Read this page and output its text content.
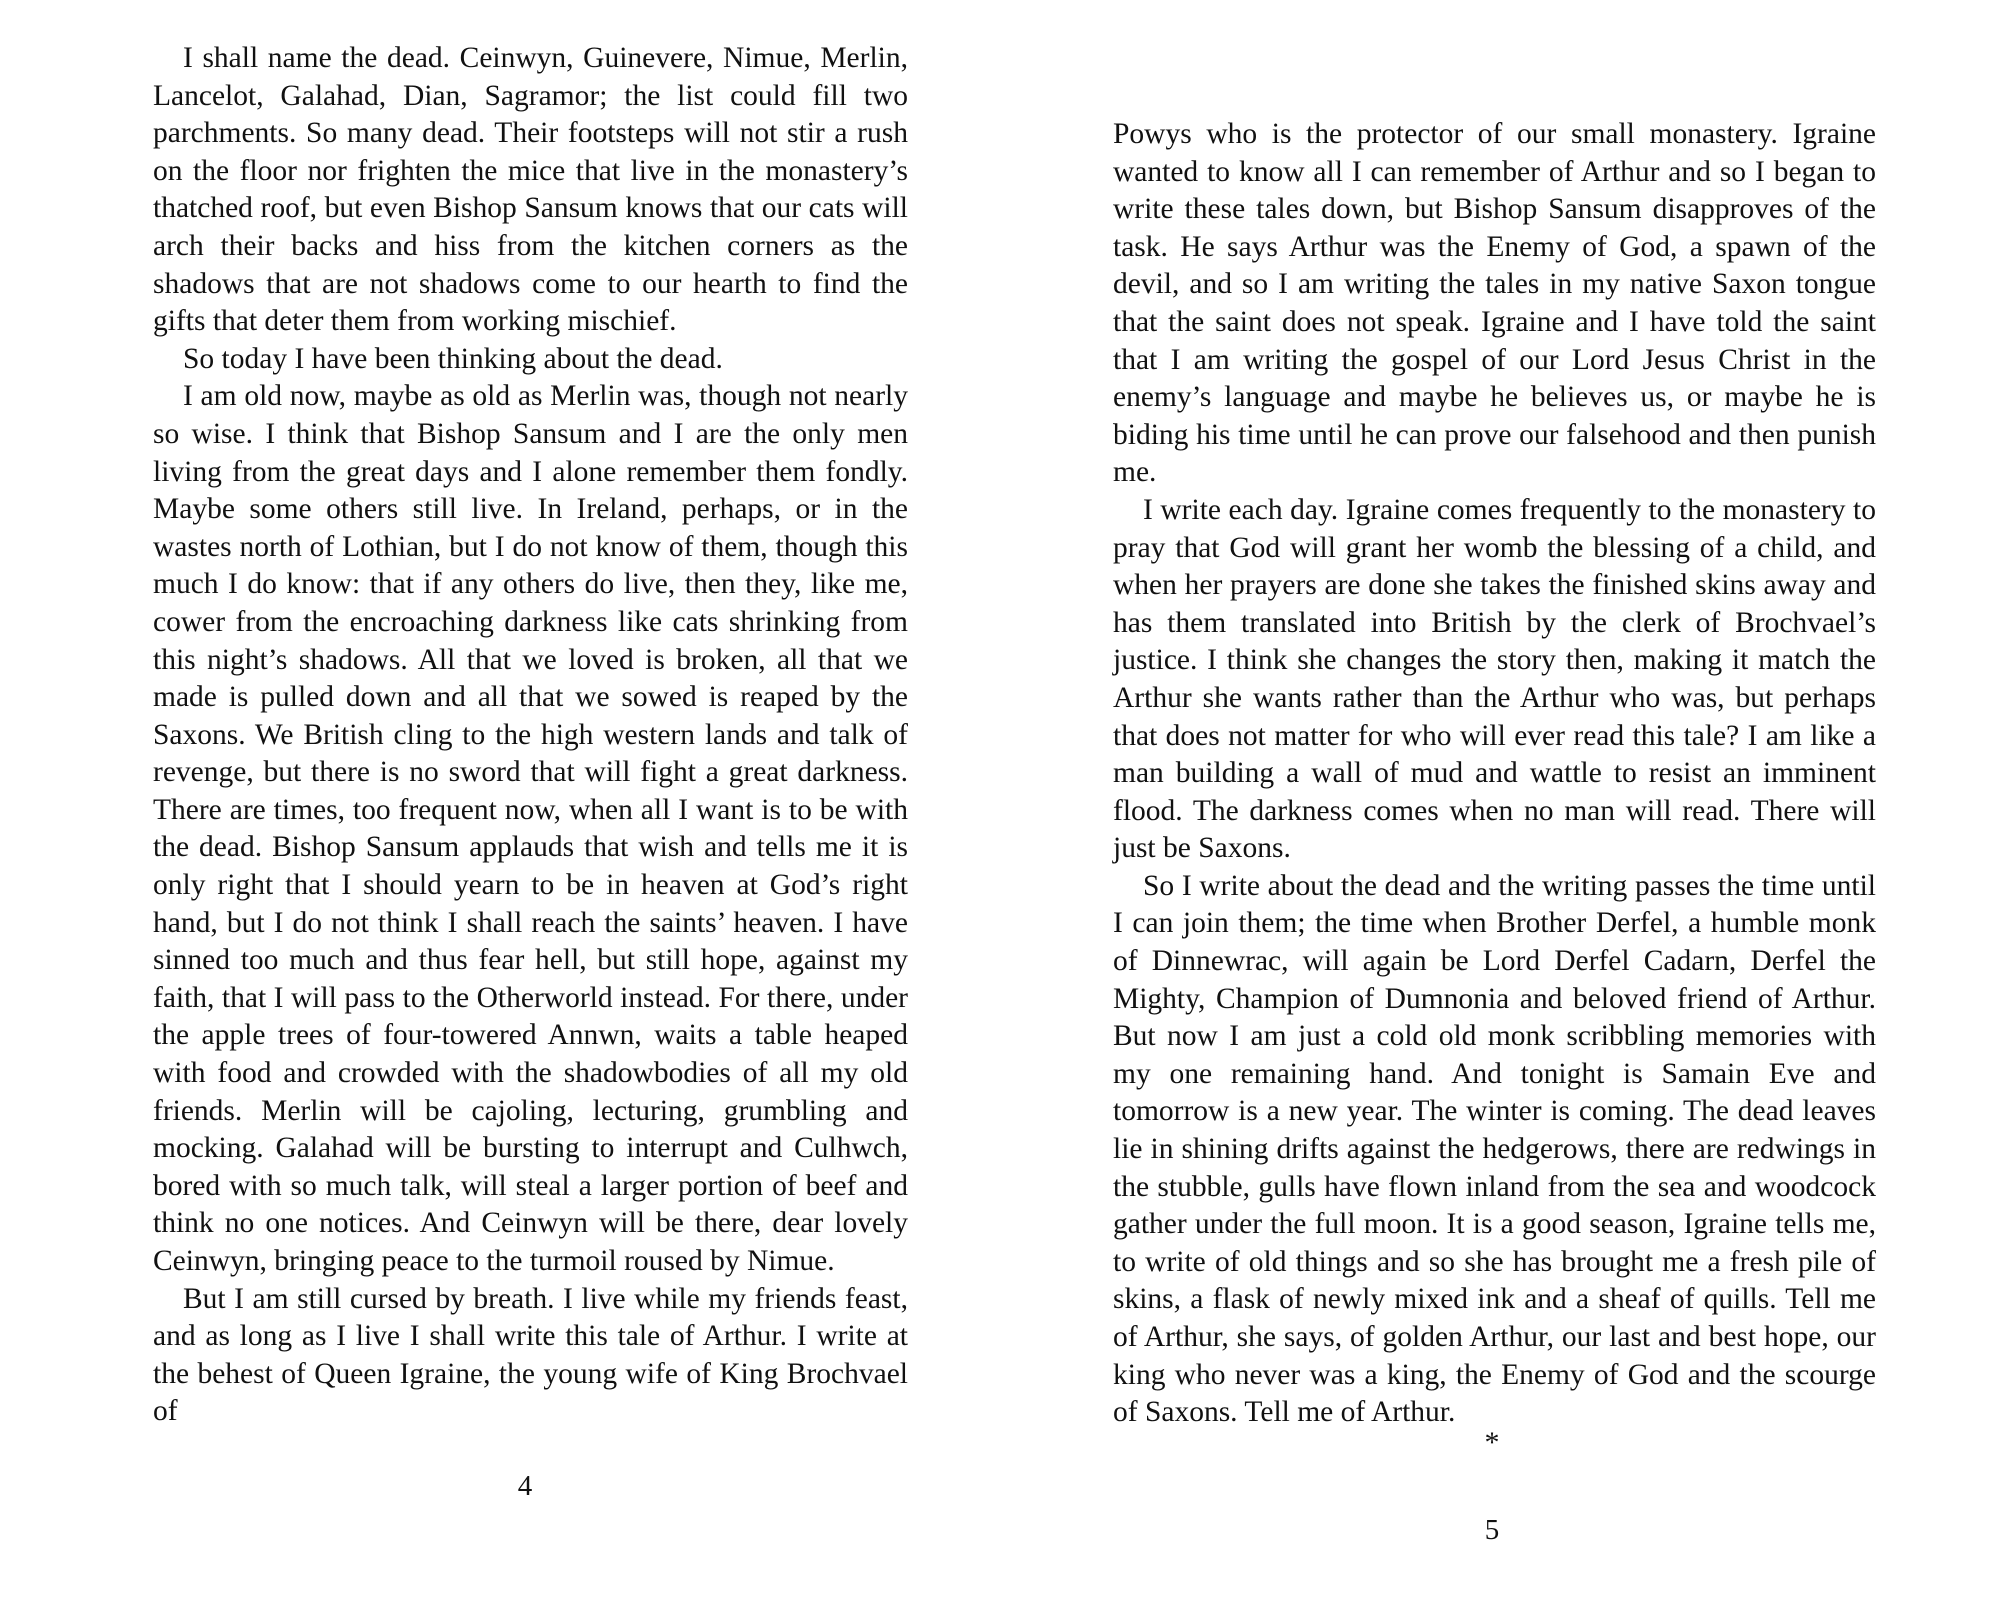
I shall name the dead. Ceinwyn, Guinevere, Nimue, Merlin, Lancelot, Galahad, Dian, Sagramor; the list could fill two parchments. So many dead. Their footsteps will not stir a rush on the floor nor frighten the mice that live in the monastery’s thatched roof, but even Bishop Sansum knows that our cats will arch their backs and hiss from the kitchen corners as the shadows that are not shadows come to our hearth to find the gifts that deter them from working mischief.

So today I have been thinking about the dead.

I am old now, maybe as old as Merlin was, though not nearly so wise. I think that Bishop Sansum and I are the only men living from the great days and I alone remember them fondly. Maybe some others still live. In Ireland, perhaps, or in the wastes north of Lothian, but I do not know of them, though this much I do know: that if any others do live, then they, like me, cower from the encroaching darkness like cats shrinking from this night’s shadows. All that we loved is broken, all that we made is pulled down and all that we sowed is reaped by the Saxons. We British cling to the high western lands and talk of revenge, but there is no sword that will fight a great darkness. There are times, too frequent now, when all I want is to be with the dead. Bishop Sansum applauds that wish and tells me it is only right that I should yearn to be in heaven at God’s right hand, but I do not think I shall reach the saints’ heaven. I have sinned too much and thus fear hell, but still hope, against my faith, that I will pass to the Otherworld instead. For there, under the apple trees of four-towered Annwn, waits a table heaped with food and crowded with the shadowbodies of all my old friends. Merlin will be cajoling, lecturing, grumbling and mocking. Galahad will be bursting to interrupt and Culhwch, bored with so much talk, will steal a larger portion of beef and think no one notices. And Ceinwyn will be there, dear lovely Ceinwyn, bringing peace to the turmoil roused by Nimue.

But I am still cursed by breath. I live while my friends feast, and as long as I live I shall write this tale of Arthur. I write at the behest of Queen Igraine, the young wife of King Brochvael of

4

Powys who is the protector of our small monastery. Igraine wanted to know all I can remember of Arthur and so I began to write these tales down, but Bishop Sansum disapproves of the task. He says Arthur was the Enemy of God, a spawn of the devil, and so I am writing the tales in my native Saxon tongue that the saint does not speak. Igraine and I have told the saint that I am writing the gospel of our Lord Jesus Christ in the enemy’s language and maybe he believes us, or maybe he is biding his time until he can prove our falsehood and then punish me.

I write each day. Igraine comes frequently to the monastery to pray that God will grant her womb the blessing of a child, and when her prayers are done she takes the finished skins away and has them translated into British by the clerk of Brochvael’s justice. I think she changes the story then, making it match the Arthur she wants rather than the Arthur who was, but perhaps that does not matter for who will ever read this tale? I am like a man building a wall of mud and wattle to resist an imminent flood. The darkness comes when no man will read. There will just be Saxons.

So I write about the dead and the writing passes the time until I can join them; the time when Brother Derfel, a humble monk of Dinnewrac, will again be Lord Derfel Cadarn, Derfel the Mighty, Champion of Dumnonia and beloved friend of Arthur. But now I am just a cold old monk scribbling memories with my one remaining hand. And tonight is Samain Eve and tomorrow is a new year. The winter is coming. The dead leaves lie in shining drifts against the hedgerows, there are redwings in the stubble, gulls have flown inland from the sea and woodcock gather under the full moon. It is a good season, Igraine tells me, to write of old things and so she has brought me a fresh pile of skins, a flask of newly mixed ink and a sheaf of quills. Tell me of Arthur, she says, of golden Arthur, our last and best hope, our king who never was a king, the Enemy of God and the scourge of Saxons. Tell me of Arthur.

*
5
